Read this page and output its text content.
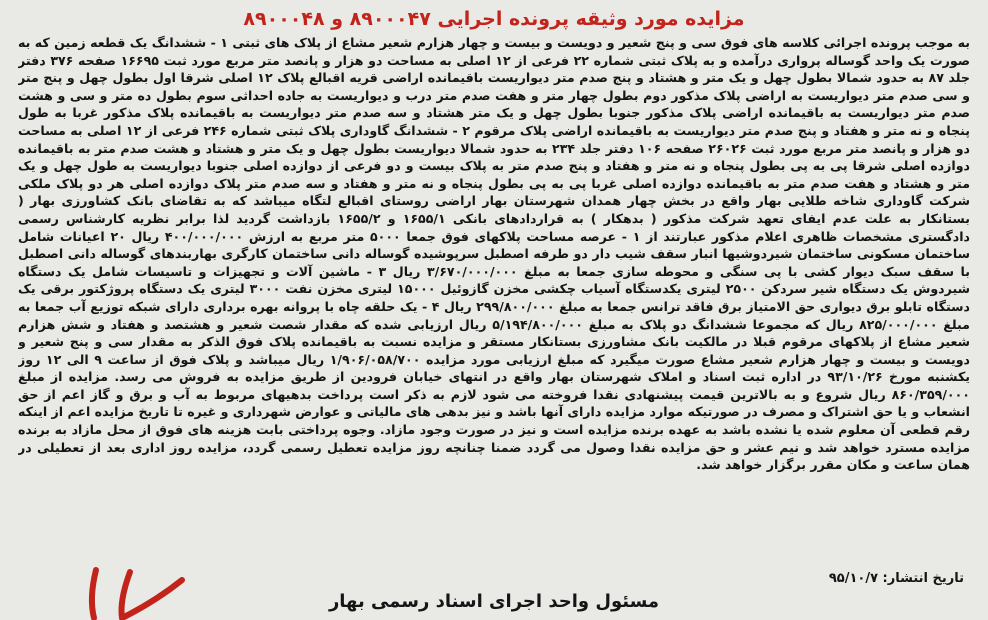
مزایده مورد وثیقه پرونده اجرایی ۸۹۰۰۰۴۷ و ۸۹۰۰۰۴۸

به موجب پرونده اجرائی کلاسه های فوق سی و پنج شعیر و دویست و بیست و چهار هزارم شعیر مشاع از پلاک های ثبتی ۱ - ششدانگ یک قطعه زمین که به صورت یک واحد گوساله پرواری درآمده و به پلاک ثبتی شماره ۲۲ فرعی از ۱۲ اصلی به مساحت دو هزار و پانصد متر مربع مورد ثبت ۱۶۶۹۵ صفحه ۳۷۶ دفتر جلد ۸۷ به حدود شمالا بطول چهل و یک متر و هشتاد و پنج صدم متر دیواریست باقیمانده اراضی قریه اقبالع پلاک ۱۲ اصلی شرقا اول بطول چهل و پنج متر و سی صدم متر دیواریست به اراضی پلاک مذکور دوم بطول چهار متر و هفت صدم متر درب و دیواریست به جاده احداثی سوم بطول ده متر و سی و هشت صدم متر دیواریست به باقیمانده اراضی پلاک مذکور جنوبا بطول چهل و یک متر هشتاد و سه صدم متر دیواریست به باقیمانده پلاک مذکور غربا به طول پنجاه و نه متر و هفتاد و پنج صدم متر دیواریست به باقیمانده اراضی پلاک مرقوم ۲ - ششدانگ گاوداری پلاک ثبتی شماره ۲۴۶ فرعی از ۱۲ اصلی به مساحت دو هزار و پانصد متر مربع مورد ثبت ۲۶۰۲۶ صفحه ۱۰۶ دفتر جلد ۲۳۴ به حدود شمالا دیواریست بطول چهل و یک متر و هشتاد و هشت صدم متر به باقیمانده دوازده اصلی شرقا پی به پی بطول پنجاه و نه متر و هفتاد و پنج صدم متر به پلاک بیست و دو فرعی از دوازده اصلی جنوبا دیواریست به طول چهل و یک متر و هشتاد و هفت صدم متر به باقیمانده دوازده اصلی غربا پی به پی بطول پنجاه و نه متر و هفتاد و سه صدم متر پلاک دوازده اصلی هر دو پلاک ملکی شرکت گاوداری شاخه طلایی بهار واقع در بخش چهار همدان شهرستان بهار اراضی روستای اقبالع لتگاه میباشد که به تقاضای بانک کشاورزی بهار ( بستانکار به علت عدم ایفای تعهد شرکت مذکور ( بدهکار ) به قراردادهای بانکی ۱۶۵۵/۱ و ۱۶۵۵/۲ بازداشت گردید لذا برابر نظریه کارشناس رسمی دادگستری مشخصات ظاهری اعلام مذکور عبارتند از ۱ - عرصه مساحت پلاکهای فوق جمعا ۵۰۰۰ متر مربع به ارزش ۴۰۰/۰۰۰/۰۰۰ ریال ۲۰ اعیانات شامل ساختمان مسکونی ساختمان شیردوشیها انبار سقف شیب دار دو طرفه اصطبل سرپوشیده گوساله دانی ساختمان کارگری بهاربندهای گوساله دانی اصطبل با سقف سبک دیوار کشی با پی سنگی و محوطه سازی جمعا به مبلغ ۳/۶۷۰/۰۰۰/۰۰۰ ریال ۳ - ماشین آلات و تجهیزات و تاسیسات شامل یک دستگاه شیردوش یک دستگاه شیر سردکن ۲۵۰۰ لیتری یکدستگاه آسیاب چکشی مخزن گازوئیل ۱۵۰۰۰ لیتری مخزن نفت ۳۰۰۰ لیتری یک دستگاه پروژکتور برقی یک دستگاه تابلو برق دیواری حق الامتیاز برق فاقد ترانس جمعا به مبلغ ۲۹۹/۸۰۰/۰۰۰ ریال ۴ - یک حلقه چاه با پروانه بهره برداری دارای شبکه توزیع آب جمعا به مبلغ ۸۲۵/۰۰۰/۰۰۰ ریال که مجموعا ششدانگ دو پلاک به مبلغ ۵/۱۹۴/۸۰۰/۰۰۰ ریال ارزیابی شده که مقدار شصت شعیر و هشتصد و هفتاد و شش هزارم شعیر مشاع از پلاکهای مرقوم قبلا در مالکیت بانک مشاورزی بستانکار مستقر و مزایده نسبت به باقیمانده پلاک فوق الذکر به مقدار سی و پنج شعیر و دویست و بیست و چهار هزارم شعیر مشاع صورت میگیرد که مبلغ ارزیابی مورد مزایده ۱/۹۰۶/۰۵۸/۷۰۰ ریال میباشد و پلاک فوق از ساعت ۹ الی ۱۲ روز یکشنبه مورخ ۹۳/۱۰/۲۶ در اداره ثبت اسناد و املاک شهرستان بهار واقع در انتهای خیابان فرودین از طریق مزایده به فروش می رسد. مزایده از مبلغ ۸۶۰/۳۵۹/۰۰۰ ریال شروع و به بالاترین قیمت پیشنهادی نقدا فروخته می شود لازم به ذکر است پرداخت بدهیهای مربوط به آب و برق و گاز اعم از حق انشعاب و یا حق اشتراک و مصرف در صورتیکه موارد مزایده دارای آنها باشد و نیز بدهی های مالیاتی و عوارض شهرداری و غیره تا تاریخ مزایده اعم از اینکه رقم قطعی آن معلوم شده یا نشده باشد به عهده برنده مزایده است و نیز در صورت وجود مازاد. وجوه پرداختی بابت هزینه های فوق از محل مازاد به برنده مزایده مسترد خواهد شد و نیم عشر و حق مزایده نقدا وصول می گردد ضمنا چنانچه روز مزایده تعطیل رسمی گردد، مزایده روز اداری بعد از تعطیلی در همان ساعت و مکان مقرر برگزار خواهد شد.

تاریخ انتشار: ۹۵/۱۰/۷
مسئول واحد اجرای اسناد رسمی بهار
